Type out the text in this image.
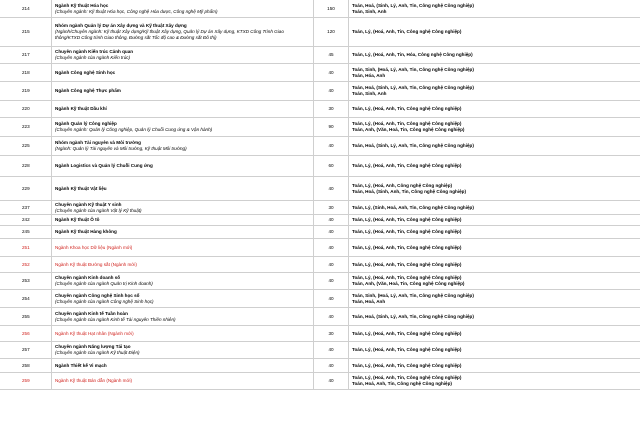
214	Ngành Kỹ thuật Hóa học
(Chuyên ngành: Kỹ thuật Hóa học, Công nghệ Hóa dược, Công nghệ Mỹ phẩm)	150	Toán, Hoá, (Sinh, Lý, Anh, Tin, Công nghệ Công nghiệp)
Toán, Sinh, Anh

215	Nhóm ngành Quản lý Dự án Xây dựng và Kỹ thuật Xây dựng
(Ngành/Chuyên ngành: Kỹ thuật Xây dựng/Kỹ thuật Xây dựng, Quản lý Dự án Xây dựng, KTXD Công Trình Giao thông/KTXD Công trình Giao thông, Đường sắt Tốc độ cao & Đường sắt Đô thị)	120	Toán, Lý, (Hoá, Anh, Tin, Công nghệ Công nghiệp)

217	Chuyên ngành Kiến trúc Cảnh quan
(Chuyên ngành của ngành Kiến trúc)	45	Toán, Lý, (Hoá, Anh, Tin, Hóa, Công nghệ Công nghiệp)

218	Ngành Công nghệ Sinh học	40	Toán, Sinh, (Hoá, Lý, Anh, Tin, Công nghệ Công nghiệp)
Toán, Hóa, Anh

219	Ngành Công nghệ Thực phẩm	40	Toán, Hoá, (Sinh, Lý, Anh, Tin, Công nghệ Công nghiệp)
Toán, Sinh, Anh

220	Ngành Kỹ thuật Dầu khí	30	Toán, Lý, (Hoá, Anh, Tin, Công nghệ Công nghiệp)

223	Ngành Quản lý Công nghiệp
(Chuyên ngành: Quản lý Công nghiệp, Quản lý Chuỗi Cung ứng & Vận hành)	90	Toán, Lý, (Hoá, Anh, Tin, Công nghệ Công nghiệp)
Toán, Anh, (Văn, Hoá, Tin, Công nghệ Công nghiệp)

225	Nhóm ngành Tài nguyên và Môi trường
(Ngành: Quản lý Tài nguyên và Môi trường, Kỹ thuật Môi trường)	40	Toán, Hoá, (Sinh, Lý, Anh, Tin, Công nghệ Công nghiệp)

228	Ngành Logistics và Quản lý Chuỗi Cung ứng	60	Toán, Lý, (Hoá, Anh, Tin, Công nghệ Công nghiệp)

229	Ngành Kỹ thuật Vật liệu	40	Toán, Lý, (Hoá, Anh, Công nghệ Công nghiệp)
Toán, Hoá, (Sinh, Anh, Tin, Công nghệ Công nghiệp)

237	Chuyên ngành Kỹ thuật Y sinh
(Chuyên ngành của ngành Vật lý Kỹ thuật)	30	Toán, Lý, (Sinh, Hoá, Anh, Tin, Công nghệ Công nghiệp)

242	Ngành Kỹ thuật Ô tô	40	Toán, Lý, (Hoá, Anh, Tin, Công nghệ Công nghiệp)

245	Ngành Kỹ thuật Hàng không	40	Toán, Lý, (Hoá, Anh, Tin, Công nghệ Công nghiệp)

251	Ngành Khoa học Dữ liệu (Ngành mới)	40	Toán, Lý, (Hoá, Anh, Tin, Công nghệ Công nghiệp)

252	Ngành Kỹ thuật Đường sắt (Ngành mới)	40	Toán, Lý, (Hoá, Anh, Tin, Công nghệ Công nghiệp)

253	Chuyên ngành Kinh doanh số
(Chuyên ngành của ngành Quản trị Kinh doanh)	40	Toán, Lý, (Hoá, Anh, Tin, Công nghệ Công nghiệp)
Toán, Anh, (Văn, Hoá, Tin, Công nghệ Công nghiệp)

254	Chuyên ngành Công nghệ Sinh học số
(Chuyên ngành của ngành Công nghệ Sinh học)	40	Toán, Sinh, (Hoá, Lý, Anh, Tin, Công nghệ Công nghiệp)
Toán, Hoá, Anh

255	Chuyên ngành Kinh tế Tuần hoàn
(Chuyên ngành của ngành Kinh tế Tài nguyên Thiên nhiên)	40	Toán, Hoá, (Sinh, Lý, Anh, Tin, Công nghệ Công nghiệp)

256	Ngành Kỹ thuật Hạt nhân (Ngành mới)	30	Toán, Lý, (Hoá, Anh, Tin, Công nghệ Công nghiệp)

257	Chuyên ngành Năng lượng Tái tạo
(Chuyên ngành của ngành Kỹ thuật Điện)	40	Toán, Lý, (Hoá, Anh, Tin, Công nghệ Công nghiệp)

258	Ngành Thiết kế Vi mạch	40	Toán, Lý, (Hoá, Anh, Tin, Công nghệ Công nghiệp)

259	Ngành Kỹ thuật Bán dẫn (Ngành mới)	40	Toán, Lý, (Hoá, Anh, Tin, Công nghệ Công nghiệp)
Toán, Hoá, Anh, Tin, Công nghệ Công nghiệp)
